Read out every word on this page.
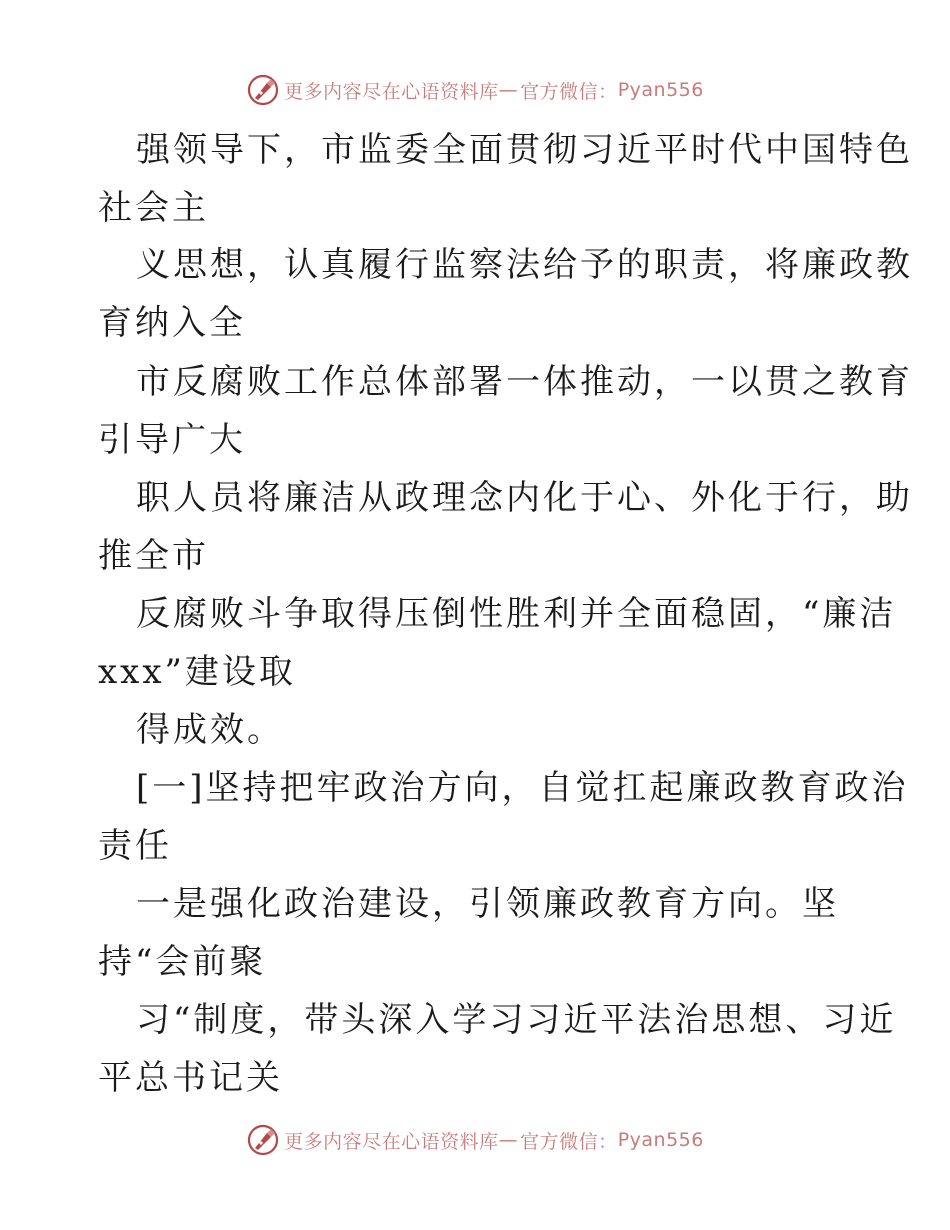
更多内容尽在心语资料库 — 官方微信： Pyan556
强领导下，市监委全面贯彻习近平时代中国特色
社会主
义思想，认真履行监察法给予的职责，将廉政教
育纳入全
市反腐败工作总体部署一体推动，一以贯之教育
引导广大
职人员将廉洁从政理念内化于心、外化于行，助
推全市
反腐败斗争取得压倒性胜利并全面稳固，“廉洁
xxx”建设取
得成效。
[一]坚持把牢政治方向，自觉扛起廉政教育政治
责任
一是强化政治建设，引领廉政教育方向。坚
持“会前聚
习“制度，带头深入学习习近平法治思想、习近
平总书记关
更多内容尽在心语资料库 — 官方微信： Pyan556
